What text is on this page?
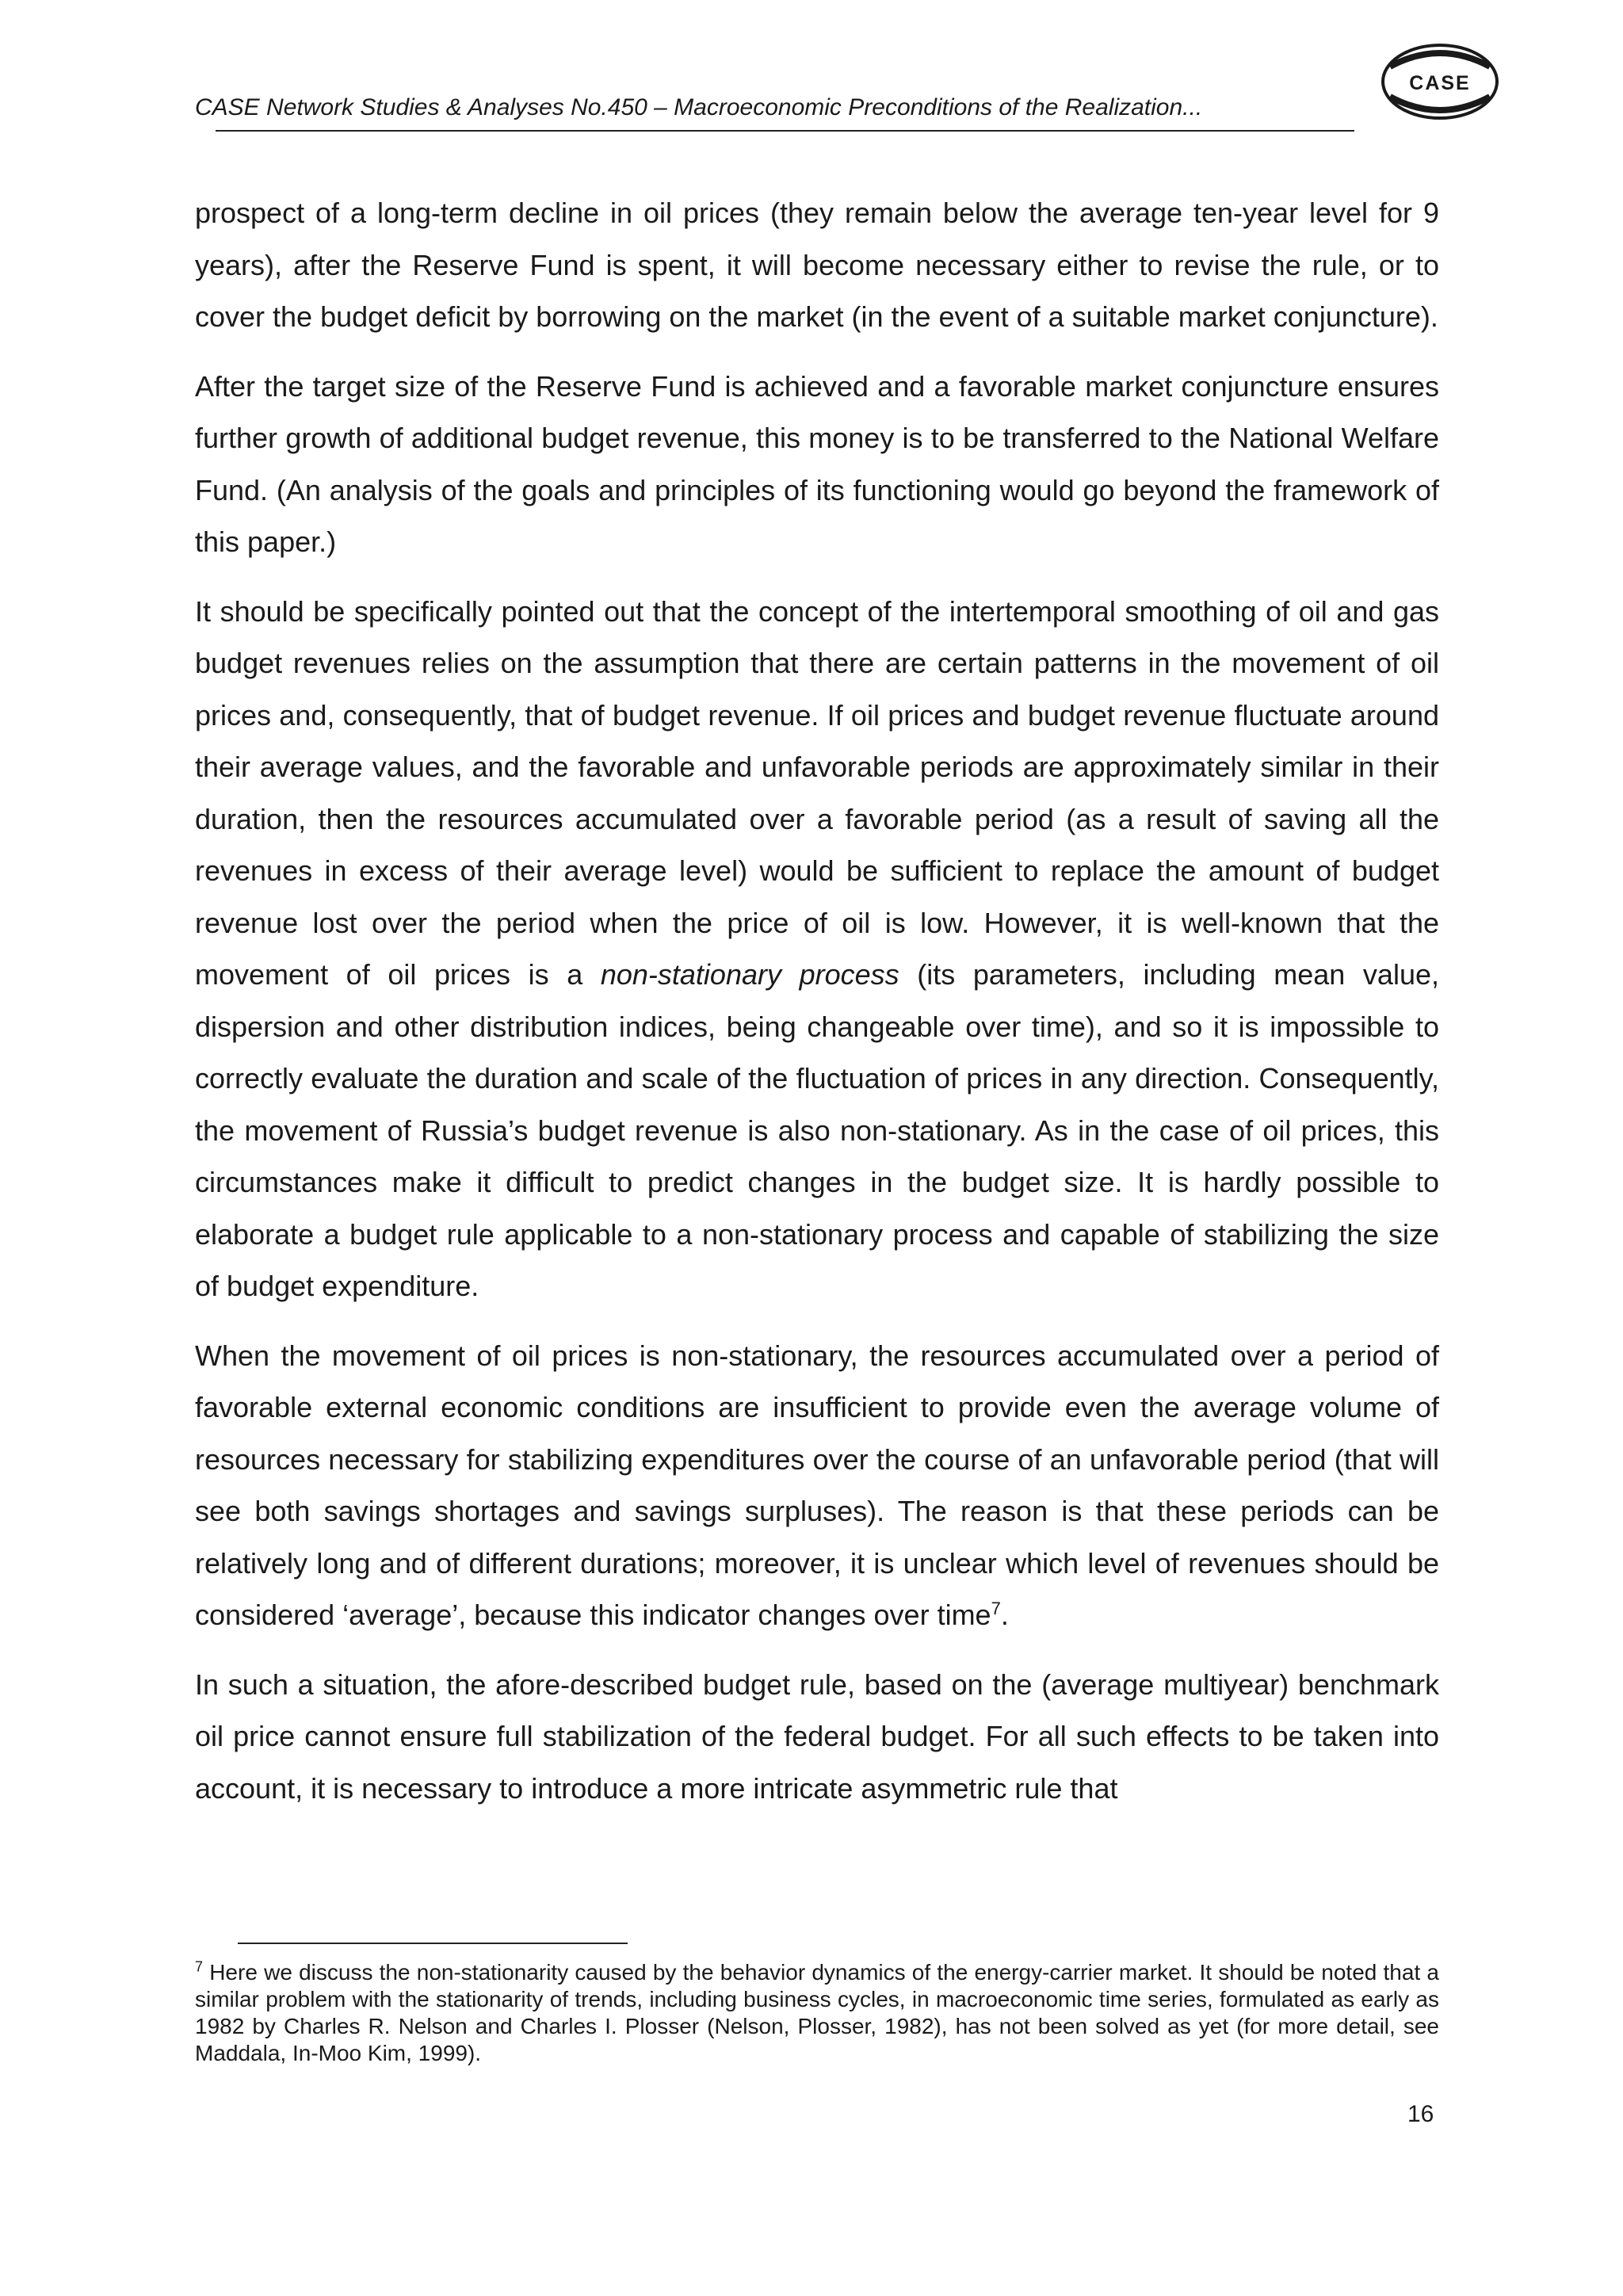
CASE Network Studies & Analyses No.450 – Macroeconomic Preconditions of the Realization...
CASE

prospect of a long-term decline in oil prices (they remain below the average ten-year level for 9 years), after the Reserve Fund is spent, it will become necessary either to revise the rule, or to cover the budget deficit by borrowing on the market (in the event of a suitable market conjuncture).

After the target size of the Reserve Fund is achieved and a favorable market conjuncture ensures further growth of additional budget revenue, this money is to be transferred to the National Welfare Fund. (An analysis of the goals and principles of its functioning would go beyond the framework of this paper.)

It should be specifically pointed out that the concept of the intertemporal smoothing of oil and gas budget revenues relies on the assumption that there are certain patterns in the movement of oil prices and, consequently, that of budget revenue. If oil prices and budget revenue fluctuate around their average values, and the favorable and unfavorable periods are approximately similar in their duration, then the resources accumulated over a favorable period (as a result of saving all the revenues in excess of their average level) would be sufficient to replace the amount of budget revenue lost over the period when the price of oil is low. However, it is well-known that the movement of oil prices is a non-stationary process (its parameters, including mean value, dispersion and other distribution indices, being changeable over time), and so it is impossible to correctly evaluate the duration and scale of the fluctuation of prices in any direction. Consequently, the movement of Russia’s budget revenue is also non-stationary. As in the case of oil prices, this circumstances make it difficult to predict changes in the budget size. It is hardly possible to elaborate a budget rule applicable to a non-stationary process and capable of stabilizing the size of budget expenditure.

When the movement of oil prices is non-stationary, the resources accumulated over a period of favorable external economic conditions are insufficient to provide even the average volume of resources necessary for stabilizing expenditures over the course of an unfavorable period (that will see both savings shortages and savings surpluses). The reason is that these periods can be relatively long and of different durations; moreover, it is unclear which level of revenues should be considered ‘average’, because this indicator changes over time$^7$.

In such a situation, the afore-described budget rule, based on the (average multiyear) benchmark oil price cannot ensure full stabilization of the federal budget. For all such effects to be taken into account, it is necessary to introduce a more intricate asymmetric rule that

$^7$ Here we discuss the non-stationarity caused by the behavior dynamics of the energy-carrier market. It should be noted that a similar problem with the stationarity of trends, including business cycles, in macroeconomic time series, formulated as early as 1982 by Charles R. Nelson and Charles I. Plosser (Nelson, Plosser, 1982), has not been solved as yet (for more detail, see Maddala, In-Moo Kim, 1999).
16
